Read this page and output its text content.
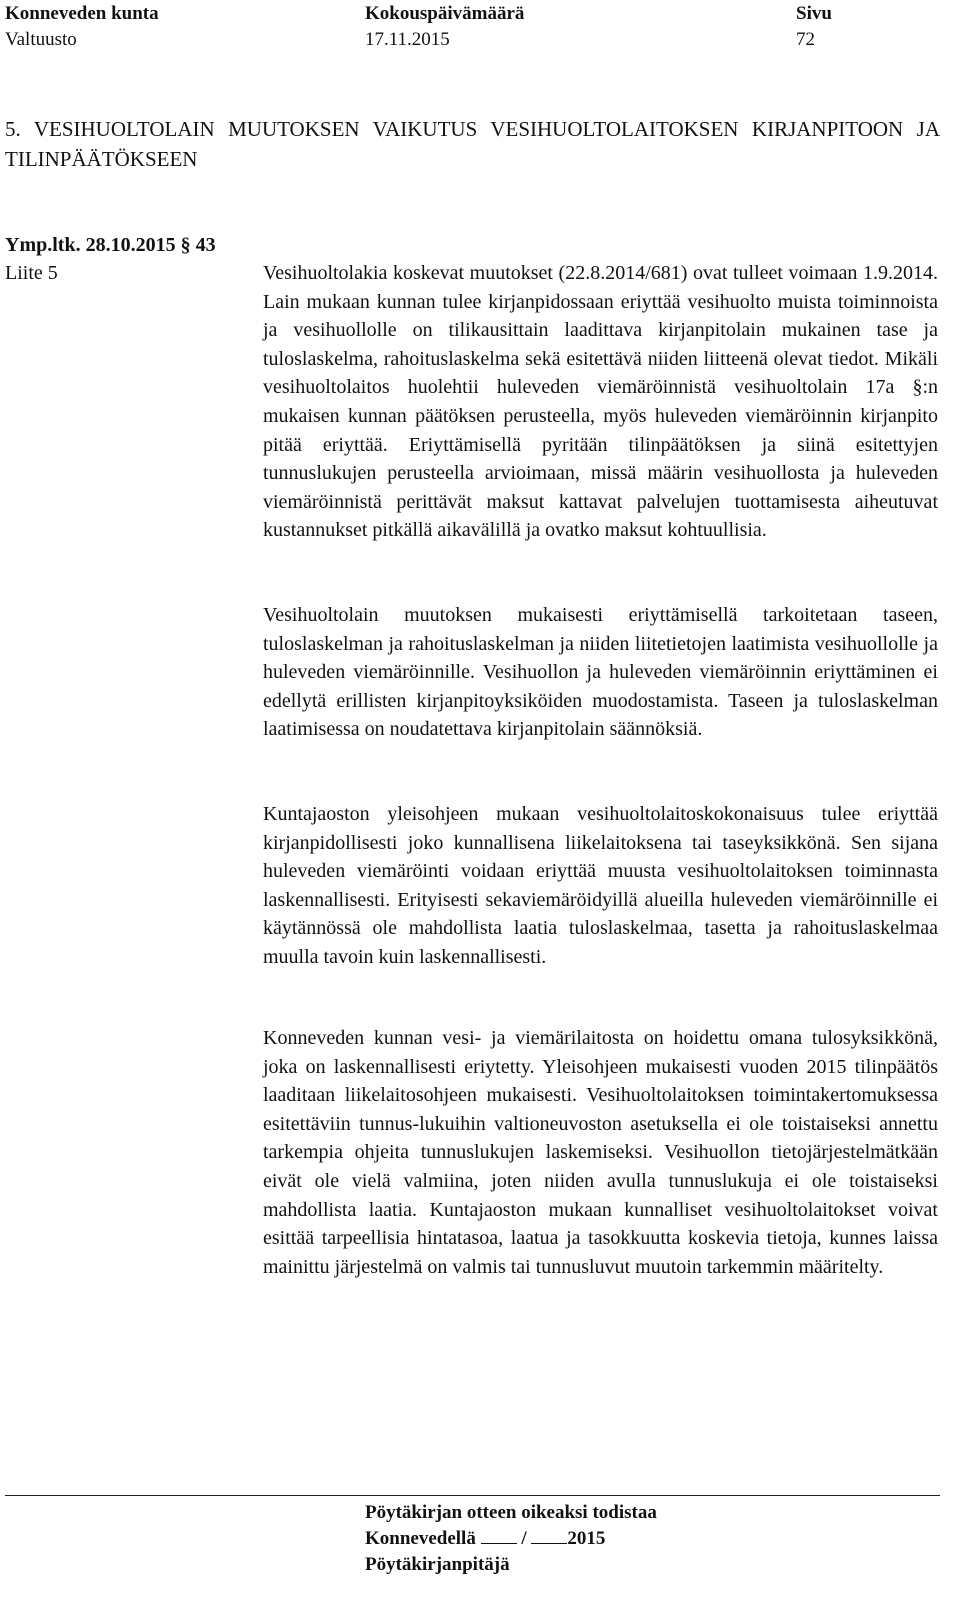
Konneveden kunta
Valtuusto
Kokouspäivämäärä
17.11.2015
Sivu
72
5. VESIHUOLTOLAIN MUUTOKSEN VAIKUTUS VESIHUOLTOLAITOKSEN KIRJANPITOON JA TILINPÄÄTÖKSEEN
Ymp.ltk. 28.10.2015 § 43
Liite 5	Vesihuoltolakia koskevat muutokset (22.8.2014/681) ovat tulleet voimaan 1.9.2014. Lain mukaan kunnan tulee kirjanpidossaan eriyttää vesihuolto muista toiminnoista ja vesihuollolle on tilikausittain laadittava kirjanpitolain mukainen tase ja tuloslaskelma, rahoituslaskelma sekä esitettävä niiden liitteenä olevat tiedot. Mikäli vesihuoltolaitos huolehtii huleveden viemäröinnistä vesihuoltolain 17a §:n mukaisen kunnan päätöksen perusteella, myös huleveden viemäröinnin kirjanpito pitää eriyttää. Eriyttämisellä pyritään tilinpäätöksen ja siinä esitettyjen tunnuslukujen perusteella arvioimaan, missä määrin vesihuollosta ja huleveden viemäröinnistä perittävät maksut kattavat palvelujen tuottamisesta aiheutuvat kustannukset pitkällä aikavälillä ja ovatko maksut kohtuullisia.
Vesihuoltolain muutoksen mukaisesti eriyttämisellä tarkoitetaan taseen, tuloslaskelman ja rahoituslaskelman ja niiden liitetietojen laatimista vesihuollolle ja huleveden viemäröinnille. Vesihuollon ja huleveden viemäröinnin eriyttäminen ei edellytä erillisten kirjanpitoyksiköiden muodostamista. Taseen ja tuloslaskelman laatimisessa on noudatettava kirjanpitolain säännöksiä.
Kuntajaoston yleisohjeen mukaan vesihuoltolaitoskokonaisuus tulee eriyttää kirjanpidollisesti joko kunnallisena liikelaitoksena tai taseyksikkönä. Sen sijana huleveden viemäröinti voidaan eriyttää muusta vesihuoltolaitoksen toiminnasta laskennallisesti. Erityisesti sekaviemäröidyillä alueilla huleveden viemäröinnille ei käytännössä ole mahdollista laatia tuloslaskelmaa, tasetta ja rahoituslaskelmaa muulla tavoin kuin laskennallisesti.
Konneveden kunnan vesi- ja viemärilaitosta on hoidettu omana tulosyksikkönä, joka on laskennallisesti eriytetty. Yleisohjeen mukaisesti vuoden 2015 tilinpäätös laaditaan liikelaitosohjeen mukaisesti. Vesihuoltolaitoksen toimintakertomuksessa esitettäviin tunnus-lukuihin valtioneuvoston asetuksella ei ole toistaiseksi annettu tarkempia ohjeita tunnuslukujen laskemiseksi. Vesihuollon tietojärjestelmätkään eivät ole vielä valmiina, joten niiden avulla tunnuslukuja ei ole toistaiseksi mahdollista laatia. Kuntajaoston mukaan kunnalliset vesihuoltolaitokset voivat esittää tarpeellisia hintatasoa, laatua ja tasokkuutta koskevia tietoja, kunnes laissa mainittu järjestelmä on valmis tai tunnusluvut muutoin tarkemmin määritelty.
Pöytäkirjan otteen oikeaksi todistaa
Konnevedellä / 2015
Pöytäkirjanpitäjä
